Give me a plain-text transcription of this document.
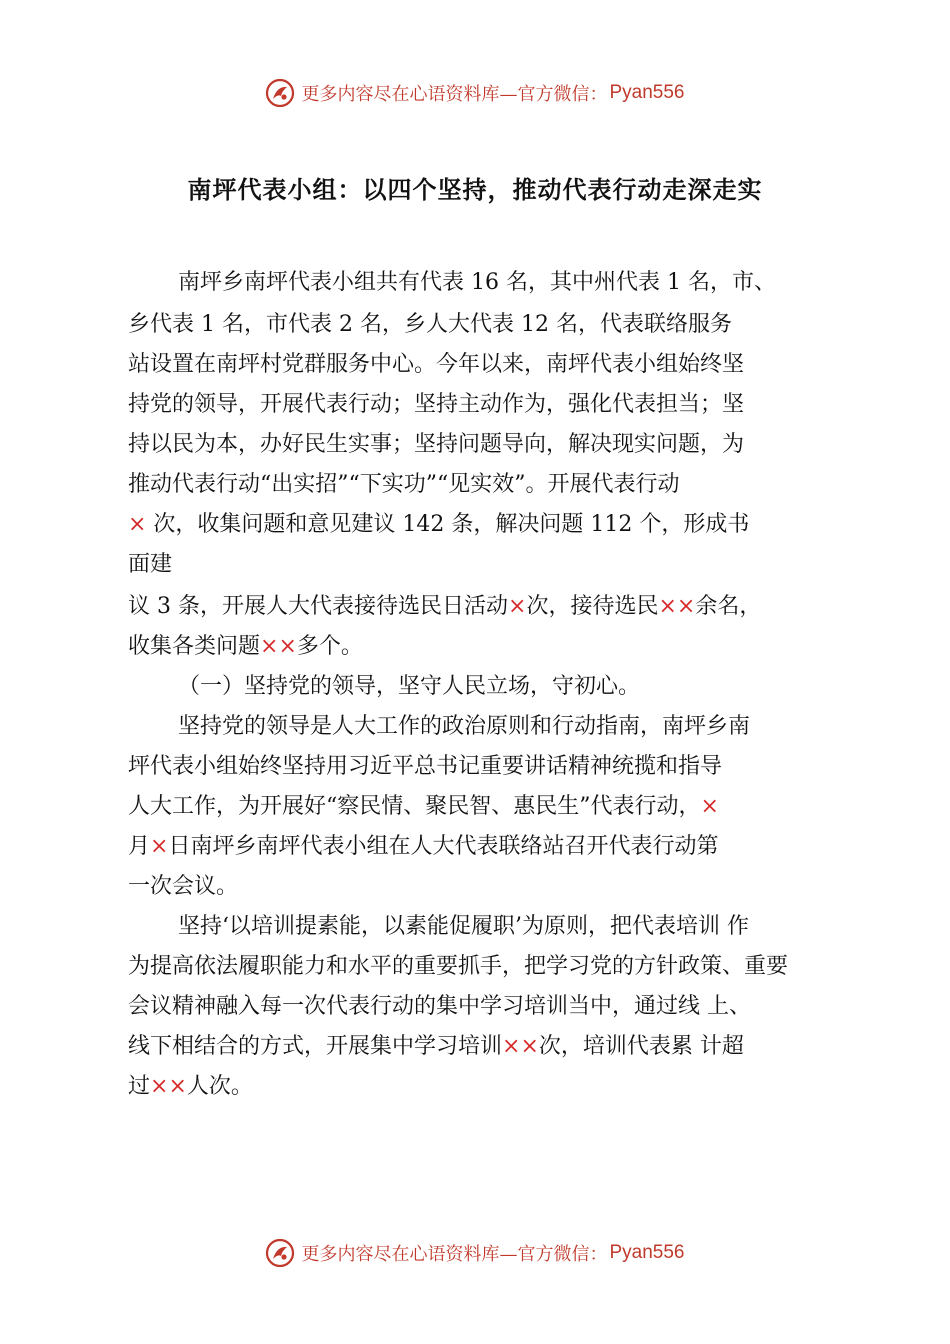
更多内容尽在心语资料库—官方微信： Pyan556
南坪代表小组：以四个坚持，推动代表行动走深走实
南坪乡南坪代表小组共有代表 16 名，其中州代表 1 名，市、
乡代表 1 名，市代表 2 名，乡人大代表 12 名，代表联络服务
站设置在南坪村党群服务中心。今年以来，南坪代表小组始终坚
持党的领导，开展代表行动；坚持主动作为，强化代表担当；坚
持以民为本，办好民生实事；坚持问题导向，解决现实问题，为
推动代表行动“出实招”“下实功”“见实效”。开展代表行动
× 次，收集问题和意见建议 142 条，解决问题 112 个，形成书
面建
议 3 条，开展人大代表接待选民日活动×次，接待选民××余名，
收集各类问题××多个。
（一）坚持党的领导，坚守人民立场，守初心。
坚持党的领导是人大工作的政治原则和行动指南，南坪乡南
坪代表小组始终坚持用习近平总书记重要讲话精神统揽和指导
人大工作，为开展好“察民情、聚民智、惠民生”代表行动，×
月×日南坪乡南坪代表小组在人大代表联络站召开代表行动第
一次会议。
坚持‘以培训提素能，以素能促履职’为原则，把代表培训 作
为提高依法履职能力和水平的重要抓手，把学习党的方针政策、重要
会议精神融入每一次代表行动的集中学习培训当中，通过线 上、
线下相结合的方式，开展集中学习培训××次，培训代表累 计超
过××人次。
更多内容尽在心语资料库—官方微信： Pyan556
